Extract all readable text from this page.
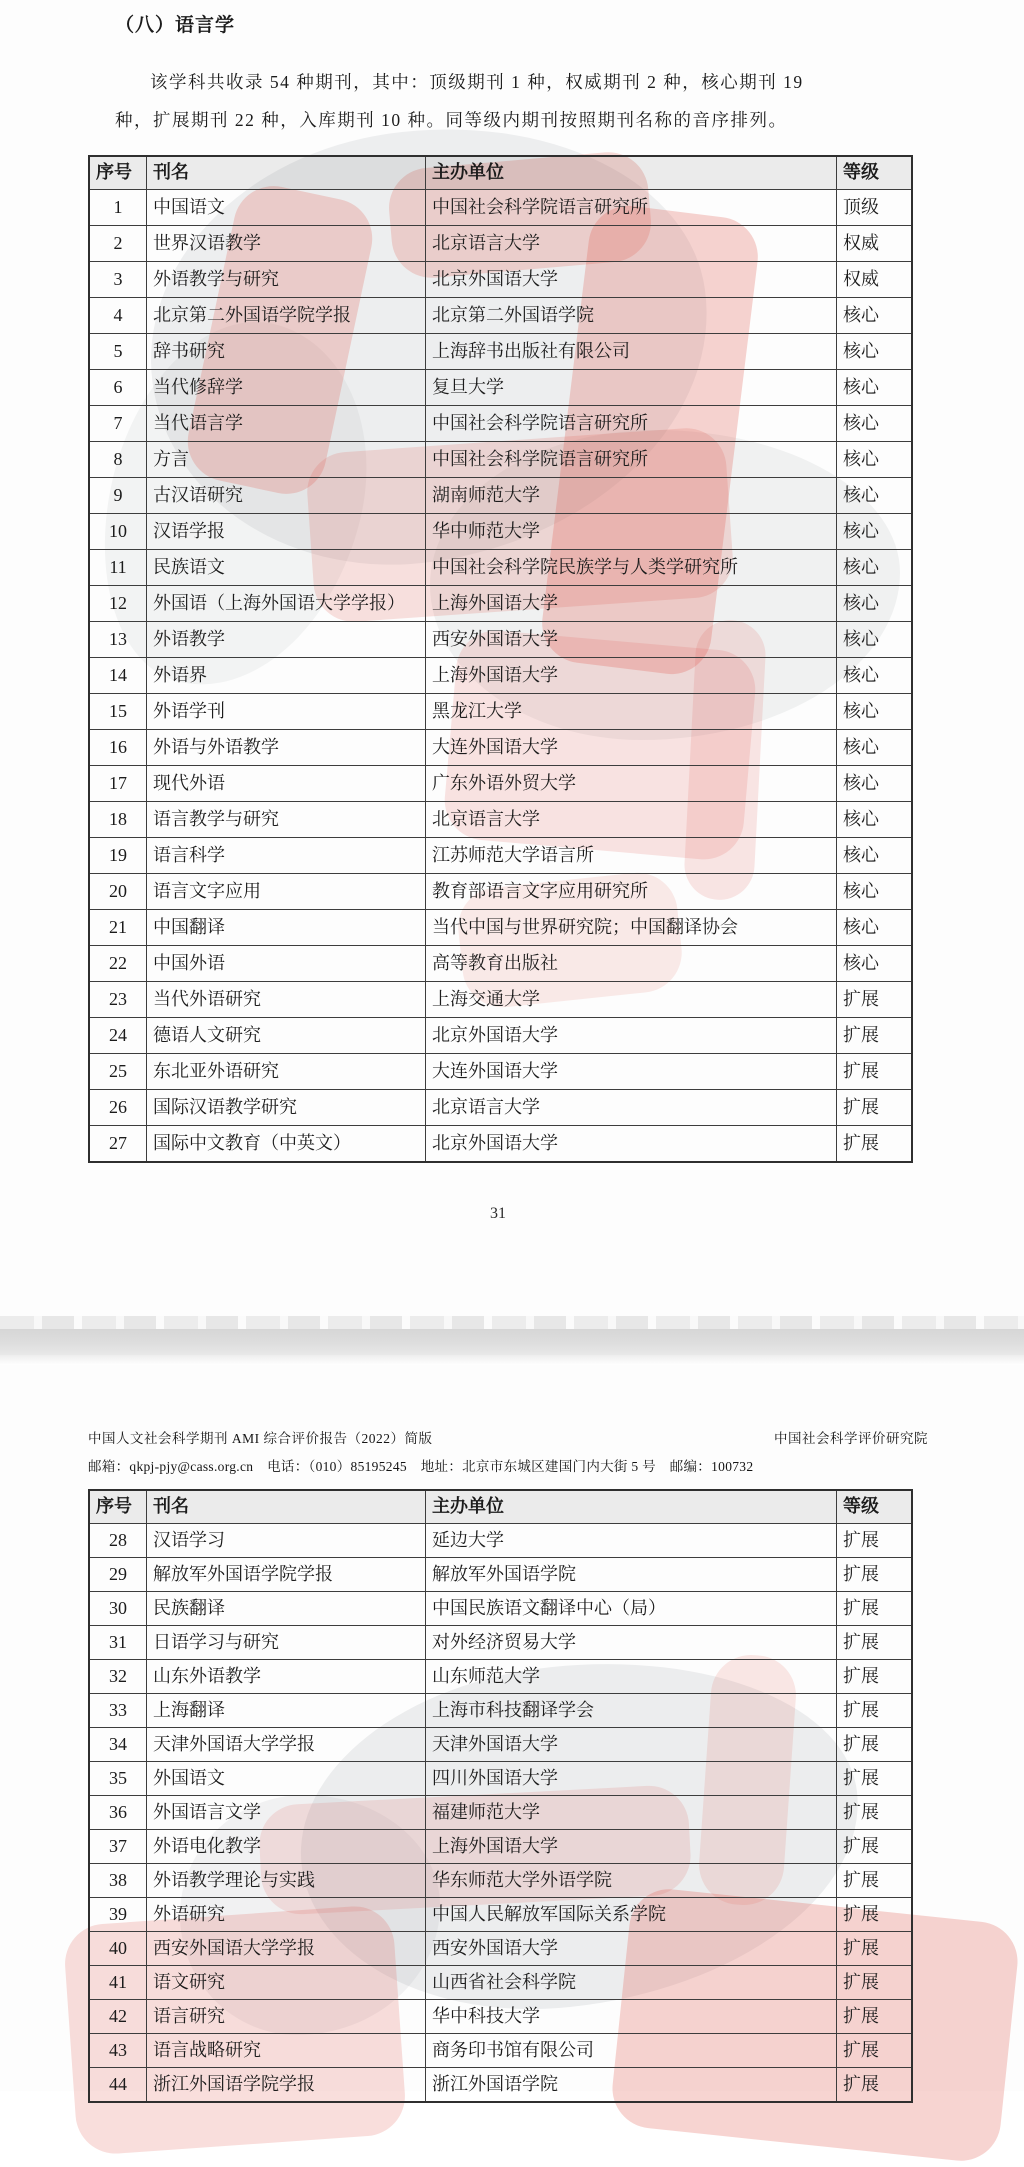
（八）语言学

该学科共收录 54 种期刊，其中：顶级期刊 1 种，权威期刊 2 种，核心期刊 19
种，扩展期刊 22 种，入库期刊 10 种。同等级内期刊按照期刊名称的音序排列。

序号	刊名	主办单位	等级
1	中国语文	中国社会科学院语言研究所	顶级
2	世界汉语教学	北京语言大学	权威
3	外语教学与研究	北京外国语大学	权威
4	北京第二外国语学院学报	北京第二外国语学院	核心
5	辞书研究	上海辞书出版社有限公司	核心
6	当代修辞学	复旦大学	核心
7	当代语言学	中国社会科学院语言研究所	核心
8	方言	中国社会科学院语言研究所	核心
9	古汉语研究	湖南师范大学	核心
10	汉语学报	华中师范大学	核心
11	民族语文	中国社会科学院民族学与人类学研究所	核心
12	外国语（上海外国语大学学报）	上海外国语大学	核心
13	外语教学	西安外国语大学	核心
14	外语界	上海外国语大学	核心
15	外语学刊	黑龙江大学	核心
16	外语与外语教学	大连外国语大学	核心
17	现代外语	广东外语外贸大学	核心
18	语言教学与研究	北京语言大学	核心
19	语言科学	江苏师范大学语言所	核心
20	语言文字应用	教育部语言文字应用研究所	核心
21	中国翻译	当代中国与世界研究院；中国翻译协会	核心
22	中国外语	高等教育出版社	核心
23	当代外语研究	上海交通大学	扩展
24	德语人文研究	北京外国语大学	扩展
25	东北亚外语研究	大连外国语大学	扩展
26	国际汉语教学研究	北京语言大学	扩展
27	国际中文教育（中英文）	北京外国语大学	扩展
31
中国人文社会科学期刊 AMI 综合评价报告（2022）简版	中国社会科学评价研究院
邮箱：qkpj-pjy@cass.org.cn　电话：（010）85195245　地址：北京市东城区建国门内大街 5 号　邮编：100732
序号	刊名	主办单位	等级
28	汉语学习	延边大学	扩展
29	解放军外国语学院学报	解放军外国语学院	扩展
30	民族翻译	中国民族语文翻译中心（局）	扩展
31	日语学习与研究	对外经济贸易大学	扩展
32	山东外语教学	山东师范大学	扩展
33	上海翻译	上海市科技翻译学会	扩展
34	天津外国语大学学报	天津外国语大学	扩展
35	外国语文	四川外国语大学	扩展
36	外国语言文学	福建师范大学	扩展
37	外语电化教学	上海外国语大学	扩展
38	外语教学理论与实践	华东师范大学外语学院	扩展
39	外语研究	中国人民解放军国际关系学院	扩展
40	西安外国语大学学报	西安外国语大学	扩展
41	语文研究	山西省社会科学院	扩展
42	语言研究	华中科技大学	扩展
43	语言战略研究	商务印书馆有限公司	扩展
44	浙江外国语学院学报	浙江外国语学院	扩展
